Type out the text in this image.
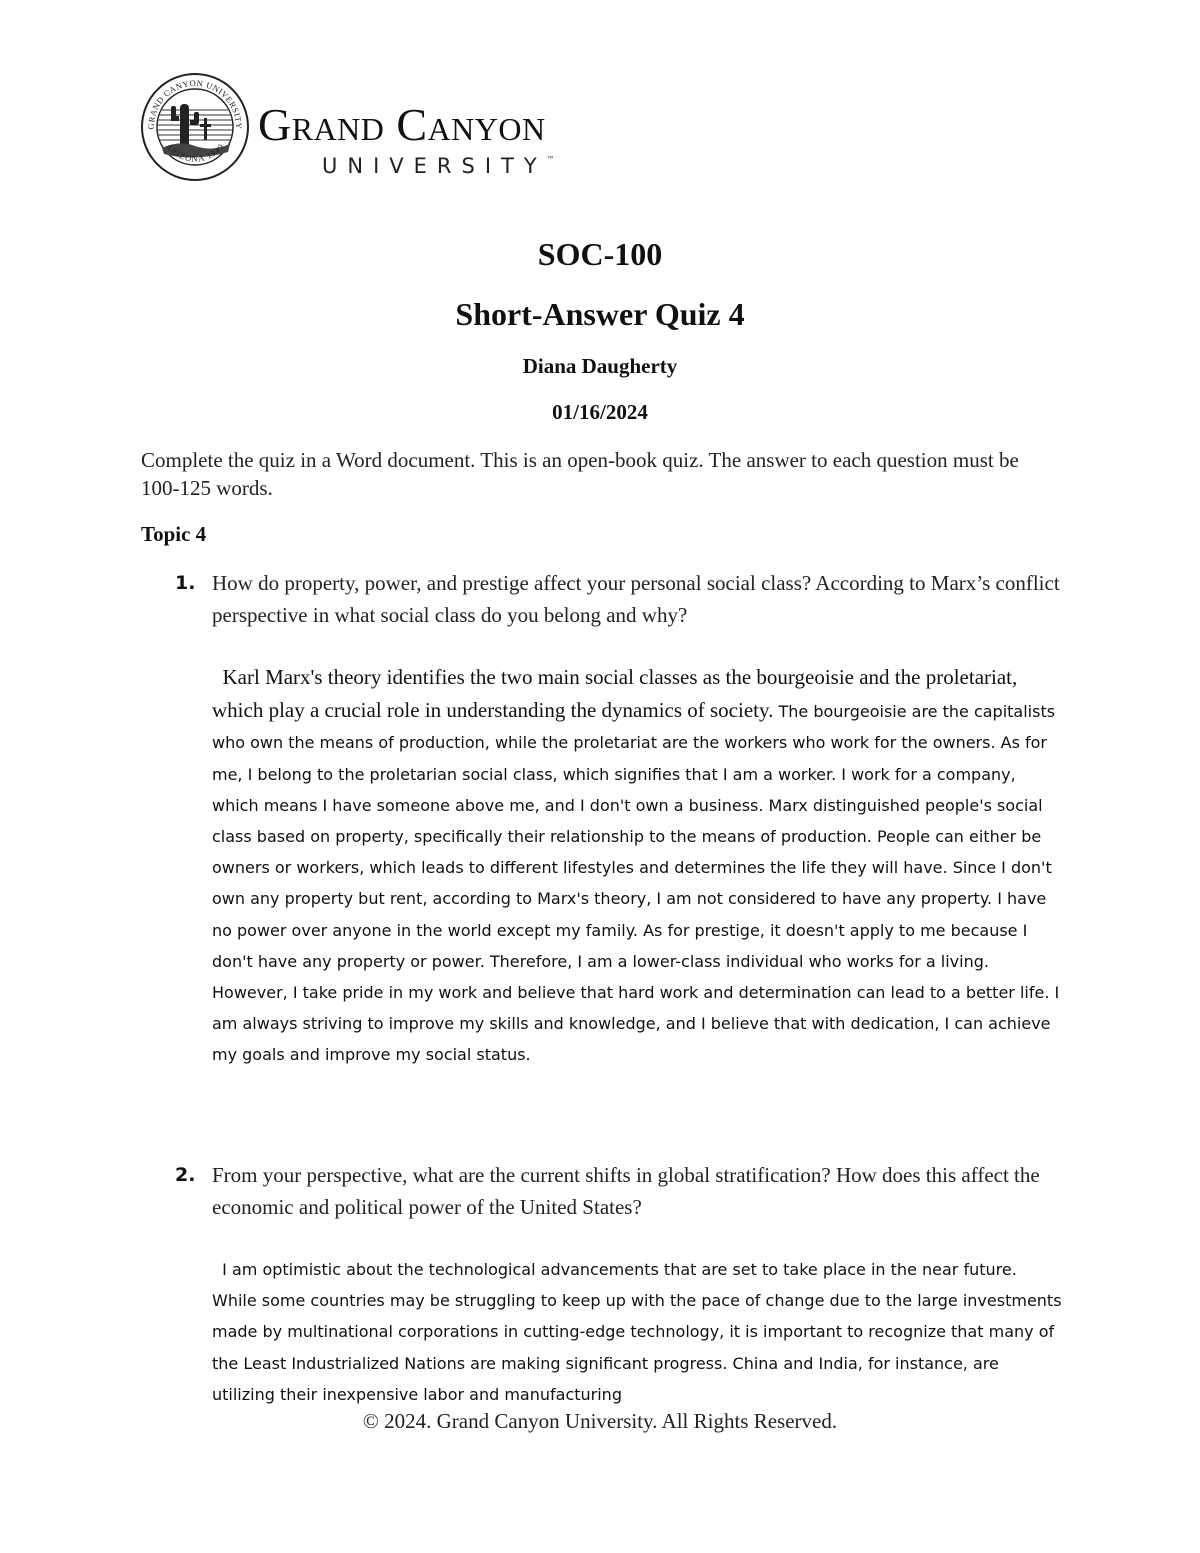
GRAND CANYON UNIVERSITY
ARIZONA 1949 Grand Canyon
UNIVERSITY™
SOC-100
Short-Answer Quiz 4
Diana Daugherty
01/16/2024
Complete the quiz in a Word document. This is an open-book quiz. The answer to each question must be 100-125 words.
Topic 4
1. How do property, power, and prestige affect your personal social class? According to Marx’s conflict perspective in what social class do you belong and why?
Karl Marx's theory identifies the two main social classes as the bourgeoisie and the proletariat, which play a crucial role in understanding the dynamics of society. The bourgeoisie are the capitalists who own the means of production, while the proletariat are the workers who work for the owners. As for me, I belong to the proletarian social class, which signifies that I am a worker. I work for a company, which means I have someone above me, and I don't own a business. Marx distinguished people's social class based on property, specifically their relationship to the means of production. People can either be owners or workers, which leads to different lifestyles and determines the life they will have. Since I don't own any property but rent, according to Marx's theory, I am not considered to have any property. I have no power over anyone in the world except my family. As for prestige, it doesn't apply to me because I don't have any property or power. Therefore, I am a lower-class individual who works for a living. However, I take pride in my work and believe that hard work and determination can lead to a better life. I am always striving to improve my skills and knowledge, and I believe that with dedication, I can achieve my goals and improve my social status.
2. From your perspective, what are the current shifts in global stratification? How does this affect the economic and political power of the United States?
I am optimistic about the technological advancements that are set to take place in the near future. While some countries may be struggling to keep up with the pace of change due to the large investments made by multinational corporations in cutting-edge technology, it is important to recognize that many of the Least Industrialized Nations are making significant progress. China and India, for instance, are utilizing their inexpensive labor and manufacturing
© 2024. Grand Canyon University. All Rights Reserved.
